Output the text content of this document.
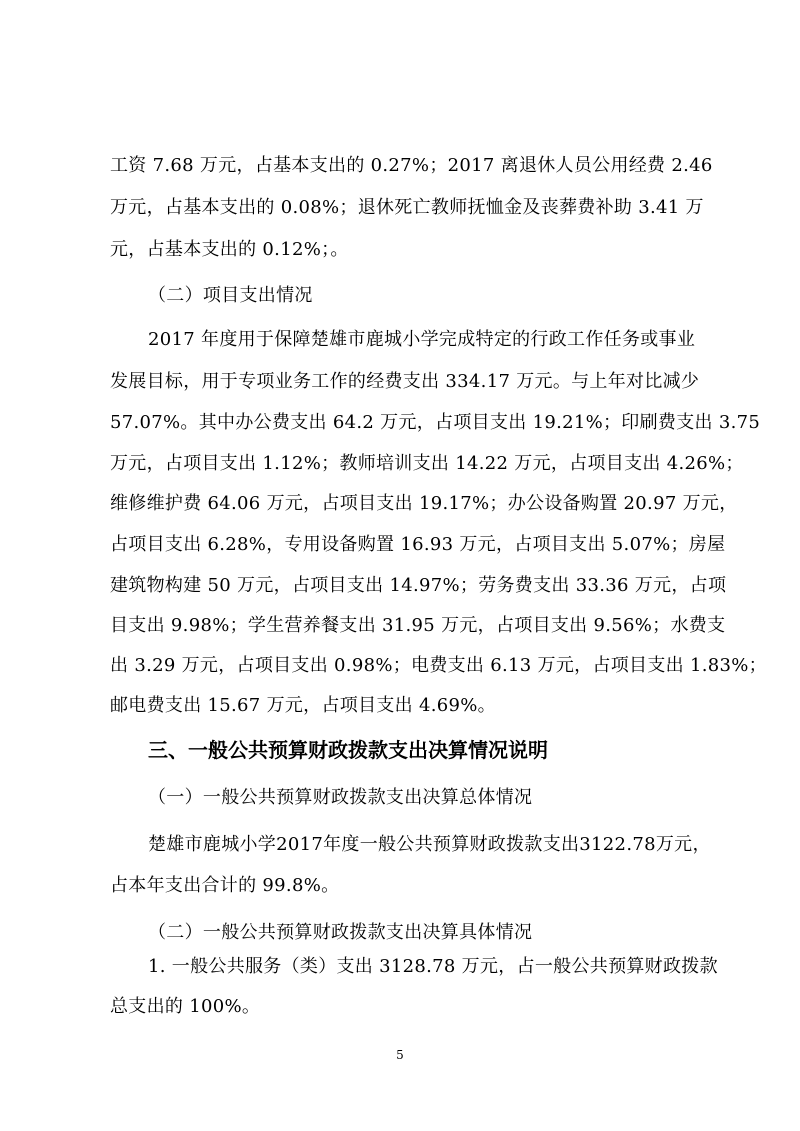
工资 7.68 万元，占基本支出的 0.27%；2017 离退休人员公用经费 2.46
万元，占基本支出的 0.08%；退休死亡教师抚恤金及丧葬费补助 3.41 万
元，占基本支出的 0.12%；。
（二）项目支出情况
2017 年度用于保障楚雄市鹿城小学完成特定的行政工作任务或事业
发展目标，用于专项业务工作的经费支出 334.17 万元。与上年对比减少
57.07%。其中办公费支出 64.2 万元，占项目支出 19.21%；印刷费支出 3.75
万元，占项目支出 1.12%；教师培训支出 14.22 万元，占项目支出 4.26%；
维修维护费 64.06 万元，占项目支出 19.17%；办公设备购置 20.97 万元，
占项目支出 6.28%，专用设备购置 16.93 万元，占项目支出 5.07%；房屋
建筑物构建 50 万元，占项目支出 14.97%；劳务费支出 33.36 万元，占项
目支出 9.98%；学生营养餐支出 31.95 万元，占项目支出 9.56%；水费支
出 3.29 万元，占项目支出 0.98%；电费支出 6.13 万元，占项目支出 1.83%；
邮电费支出 15.67 万元，占项目支出 4.69%。
三、一般公共预算财政拨款支出决算情况说明
（一）一般公共预算财政拨款支出决算总体情况
楚雄市鹿城小学2017年度一般公共预算财政拨款支出3122.78万元，
占本年支出合计的 99.8%。
（二）一般公共预算财政拨款支出决算具体情况
1. 一般公共服务（类）支出 3128.78 万元，占一般公共预算财政拨款
总支出的 100%。
5
